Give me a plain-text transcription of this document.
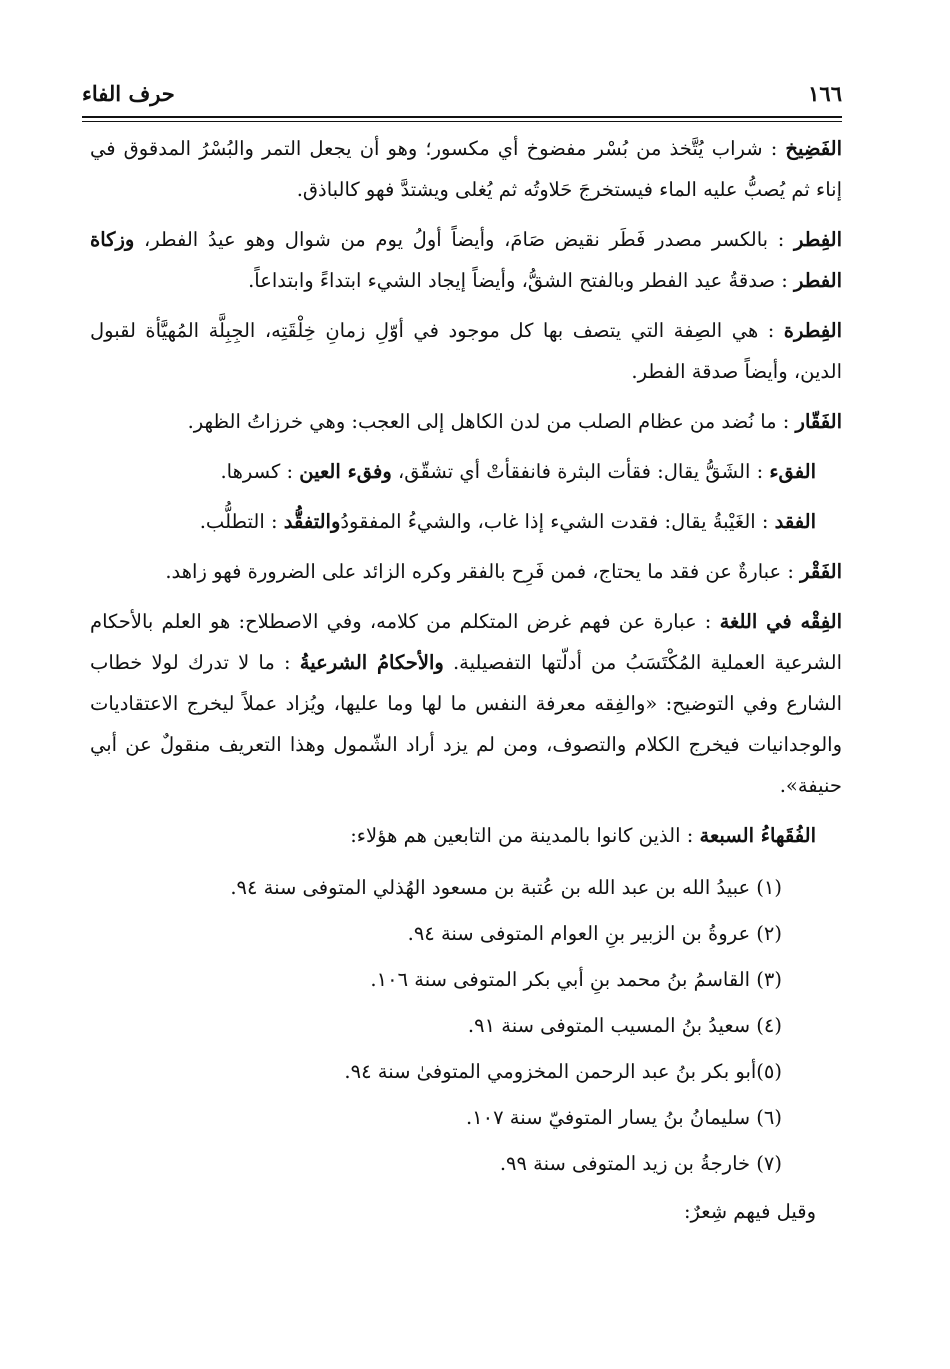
١٦٦
حرف الفاء

الفَضِيخ : شراب يُتَّخذ من بُسْر مفضوخ أي مكسور؛ وهو أن يجعل التمر والبُسْرُ المدقوق في إناء ثم يُصبُّ عليه الماء فيستخرجَ حَلاوتُه ثم يُغلى ويشتدَّ فهو كالباذق.

الفِطر : بالكسر مصدر فَطَر نقيض صَامَ، وأيضاً أولُ يوم من شوال وهو عيدُ الفطر، وزكاة الفطر : صدقةُ عيد الفطر وبالفتح الشقُّ، وأيضاً إيجاد الشيء ابتداءً وابتداعاً.

الفِطرة : هي الصِفة التي يتصف بها كل موجود في أوّلِ زمانِ خِلْقَتِه، الجِبِلَّة المُهيَّأة لقبول الدين، وأيضاً صدقة الفطر.

الفَقّار : ما نُضد من عظام الصلب من لدن الكاهل إلى العجب: وهي خرزاتُ الظهر.

الفقء : الشَقُّ يقال: فقأت البثرة فانفقأتْ أي تشقّق، وفقء العين : كسرها.

الفقد : الغَيْبةُ يقال: فقدت الشيء إذا غاب، والشيءُ المفقودُوالتفقُّد : التطلُّب.

الفَقْر : عبارةٌ عن فقد ما يحتاج، فمن فَرِح بالفقر وكره الزائد على الضرورة فهو زاهد.

الفِقْه في اللغة : عبارة عن فهم غرض المتكلم من كلامه، وفي الاصطلاح: هو العلم بالأحكام الشرعية العملية المُكْتَسَبُ من أدلّتها التفصيلية. والأحكامُ الشرعيةُ : ما لا تدرك لولا خطاب الشارع وفي التوضيح: «والفِقه معرفة النفس ما لها وما عليها، ويُزاد عملاً ليخرج الاعتقاديات والوجدانيات فيخرج الكلام والتصوف، ومن لم يزد أراد الشّمول وهذا التعريف منقولٌ عن أبي حنيفة».

الفُقَهاءُ السبعة : الذين كانوا بالمدينة من التابعين هم هؤلاء:

(١) عبيدُ الله بن عبد الله بن عُتبة بن مسعود الهُذلي المتوفى سنة ٩٤.
(٢) عروةُ بن الزبير بنِ العوام المتوفى سنة ٩٤.
(٣) القاسمُ بنُ محمد بنِ أبي بكر المتوفى سنة ١٠٦.
(٤) سعيدُ بنُ المسيب المتوفى سنة ٩١.
(٥)أبو بكر بنُ عبد الرحمن المخزومي المتوفىٰ سنة ٩٤.
(٦) سليمانُ بنُ يسار المتوفيّ سنة ١٠٧.
(٧) خارجةُ بن زيد المتوفى سنة ٩٩.

وقيل فيهم شِعرٌ:
